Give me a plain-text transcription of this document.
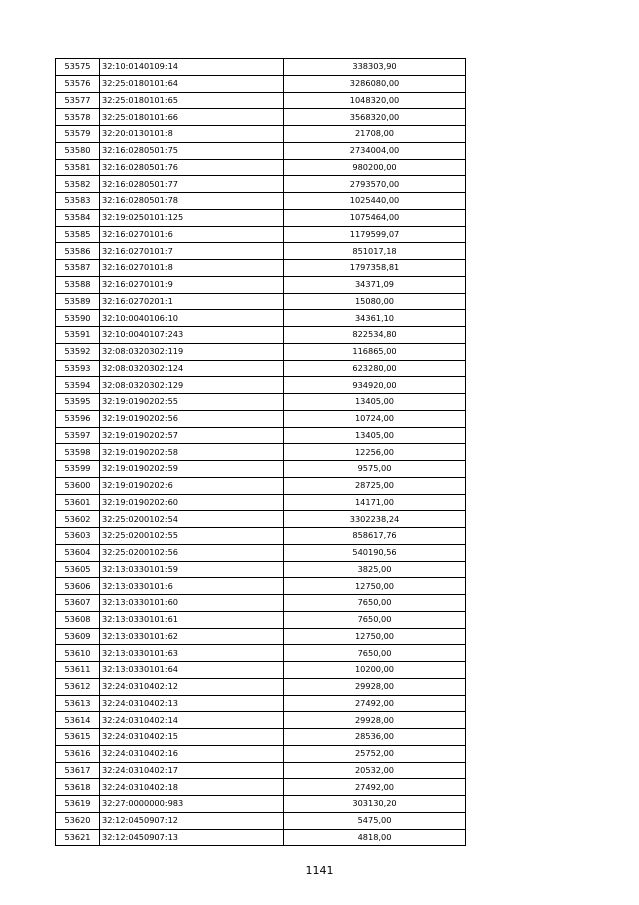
53575	32:10:0140109:14	338303,90
53576	32:25:0180101:64	3286080,00
53577	32:25:0180101:65	1048320,00
53578	32:25:0180101:66	3568320,00
53579	32:20:0130101:8	21708,00
53580	32:16:0280501:75	2734004,00
53581	32:16:0280501:76	980200,00
53582	32:16:0280501:77	2793570,00
53583	32:16:0280501:78	1025440,00
53584	32:19:0250101:125	1075464,00
53585	32:16:0270101:6	1179599,07
53586	32:16:0270101:7	851017,18
53587	32:16:0270101:8	1797358,81
53588	32:16:0270101:9	34371,09
53589	32:16:0270201:1	15080,00
53590	32:10:0040106:10	34361,10
53591	32:10:0040107:243	822534,80
53592	32:08:0320302:119	116865,00
53593	32:08:0320302:124	623280,00
53594	32:08:0320302:129	934920,00
53595	32:19:0190202:55	13405,00
53596	32:19:0190202:56	10724,00
53597	32:19:0190202:57	13405,00
53598	32:19:0190202:58	12256,00
53599	32:19:0190202:59	9575,00
53600	32:19:0190202:6	28725,00
53601	32:19:0190202:60	14171,00
53602	32:25:0200102:54	3302238,24
53603	32:25:0200102:55	858617,76
53604	32:25:0200102:56	540190,56
53605	32:13:0330101:59	3825,00
53606	32:13:0330101:6	12750,00
53607	32:13:0330101:60	7650,00
53608	32:13:0330101:61	7650,00
53609	32:13:0330101:62	12750,00
53610	32:13:0330101:63	7650,00
53611	32:13:0330101:64	10200,00
53612	32:24:0310402:12	29928,00
53613	32:24:0310402:13	27492,00
53614	32:24:0310402:14	29928,00
53615	32:24:0310402:15	28536,00
53616	32:24:0310402:16	25752,00
53617	32:24:0310402:17	20532,00
53618	32:24:0310402:18	27492,00
53619	32:27:0000000:983	303130,20
53620	32:12:0450907:12	5475,00
53621	32:12:0450907:13	4818,00
1141
